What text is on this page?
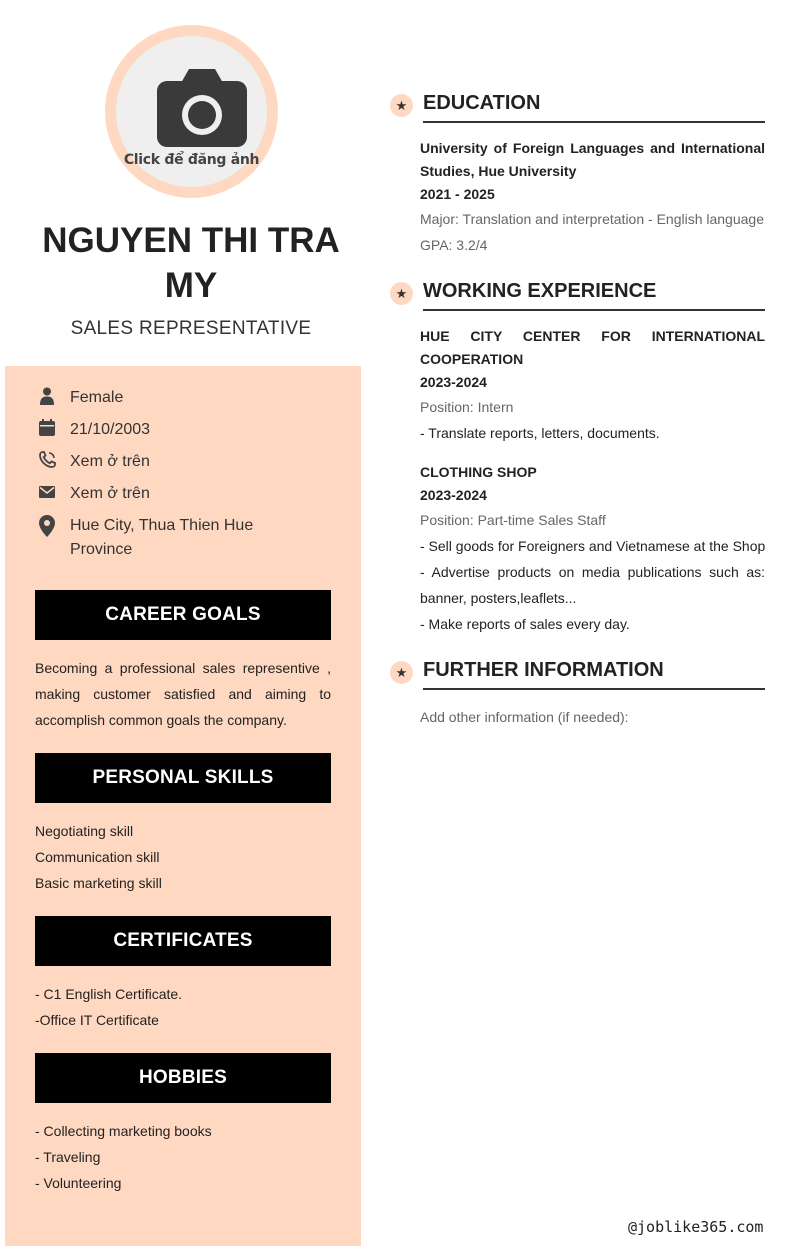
Click để đăng ảnh
NGUYEN THI TRA MY
SALES REPRESENTATIVE
Female
21/10/2003
Xem ở trên
Xem ở trên
Hue City, Thua Thien Hue Province
CAREER GOALS
Becoming a professional sales representive , making customer satisfied and aiming to accomplish common goals the company.
PERSONAL SKILLS
Negotiating skill
Communication skill
Basic marketing skill
CERTIFICATES
- C1 English Certificate.
-Office IT Certificate
HOBBIES
- Collecting marketing books
- Traveling
- Volunteering
★ EDUCATION
University of Foreign Languages and International Studies, Hue University
2021 - 2025
Major: Translation and interpretation - English language
GPA: 3.2/4
★ WORKING EXPERIENCE
HUE CITY CENTER FOR INTERNATIONAL COOPERATION
2023-2024
Position: Intern
- Translate reports, letters, documents.
CLOTHING SHOP
2023-2024
Position: Part-time Sales Staff
- Sell goods for Foreigners and Vietnamese at the Shop
- Advertise products on media publications such as: banner, posters,leaflets...
- Make reports of sales every day.
★ FURTHER INFORMATION
Add other information (if needed):
@joblike365.com
